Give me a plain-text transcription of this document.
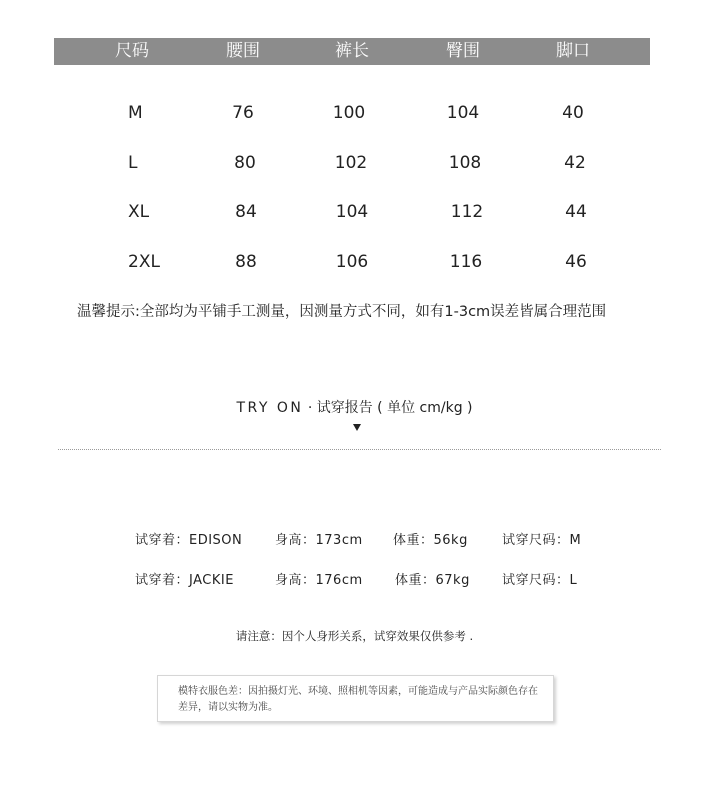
尺码	腰围	裤长	臀围	脚口
M	76	100	104	40
L	80	102	108	42
XL	84	104	112	44
2XL	88	106	116	46
温馨提示:全部均为平铺手工测量，因测量方式不同，如有1-3cm误差皆属合理范围
TRY ON · 试穿报告 ( 单位 cm/kg )
试穿着：EDISON	身高：173cm 体重：56kg	试穿尺码：M
试穿着：JACKIE	身高：176cm 体重：67kg 试穿尺码：L
请注意：因个人身形关系，试穿效果仅供参考 .
模特衣服色差：因拍摄灯光、环境、照相机等因素，可能造成与产品实际颜色存在差异，请以实物为准。
